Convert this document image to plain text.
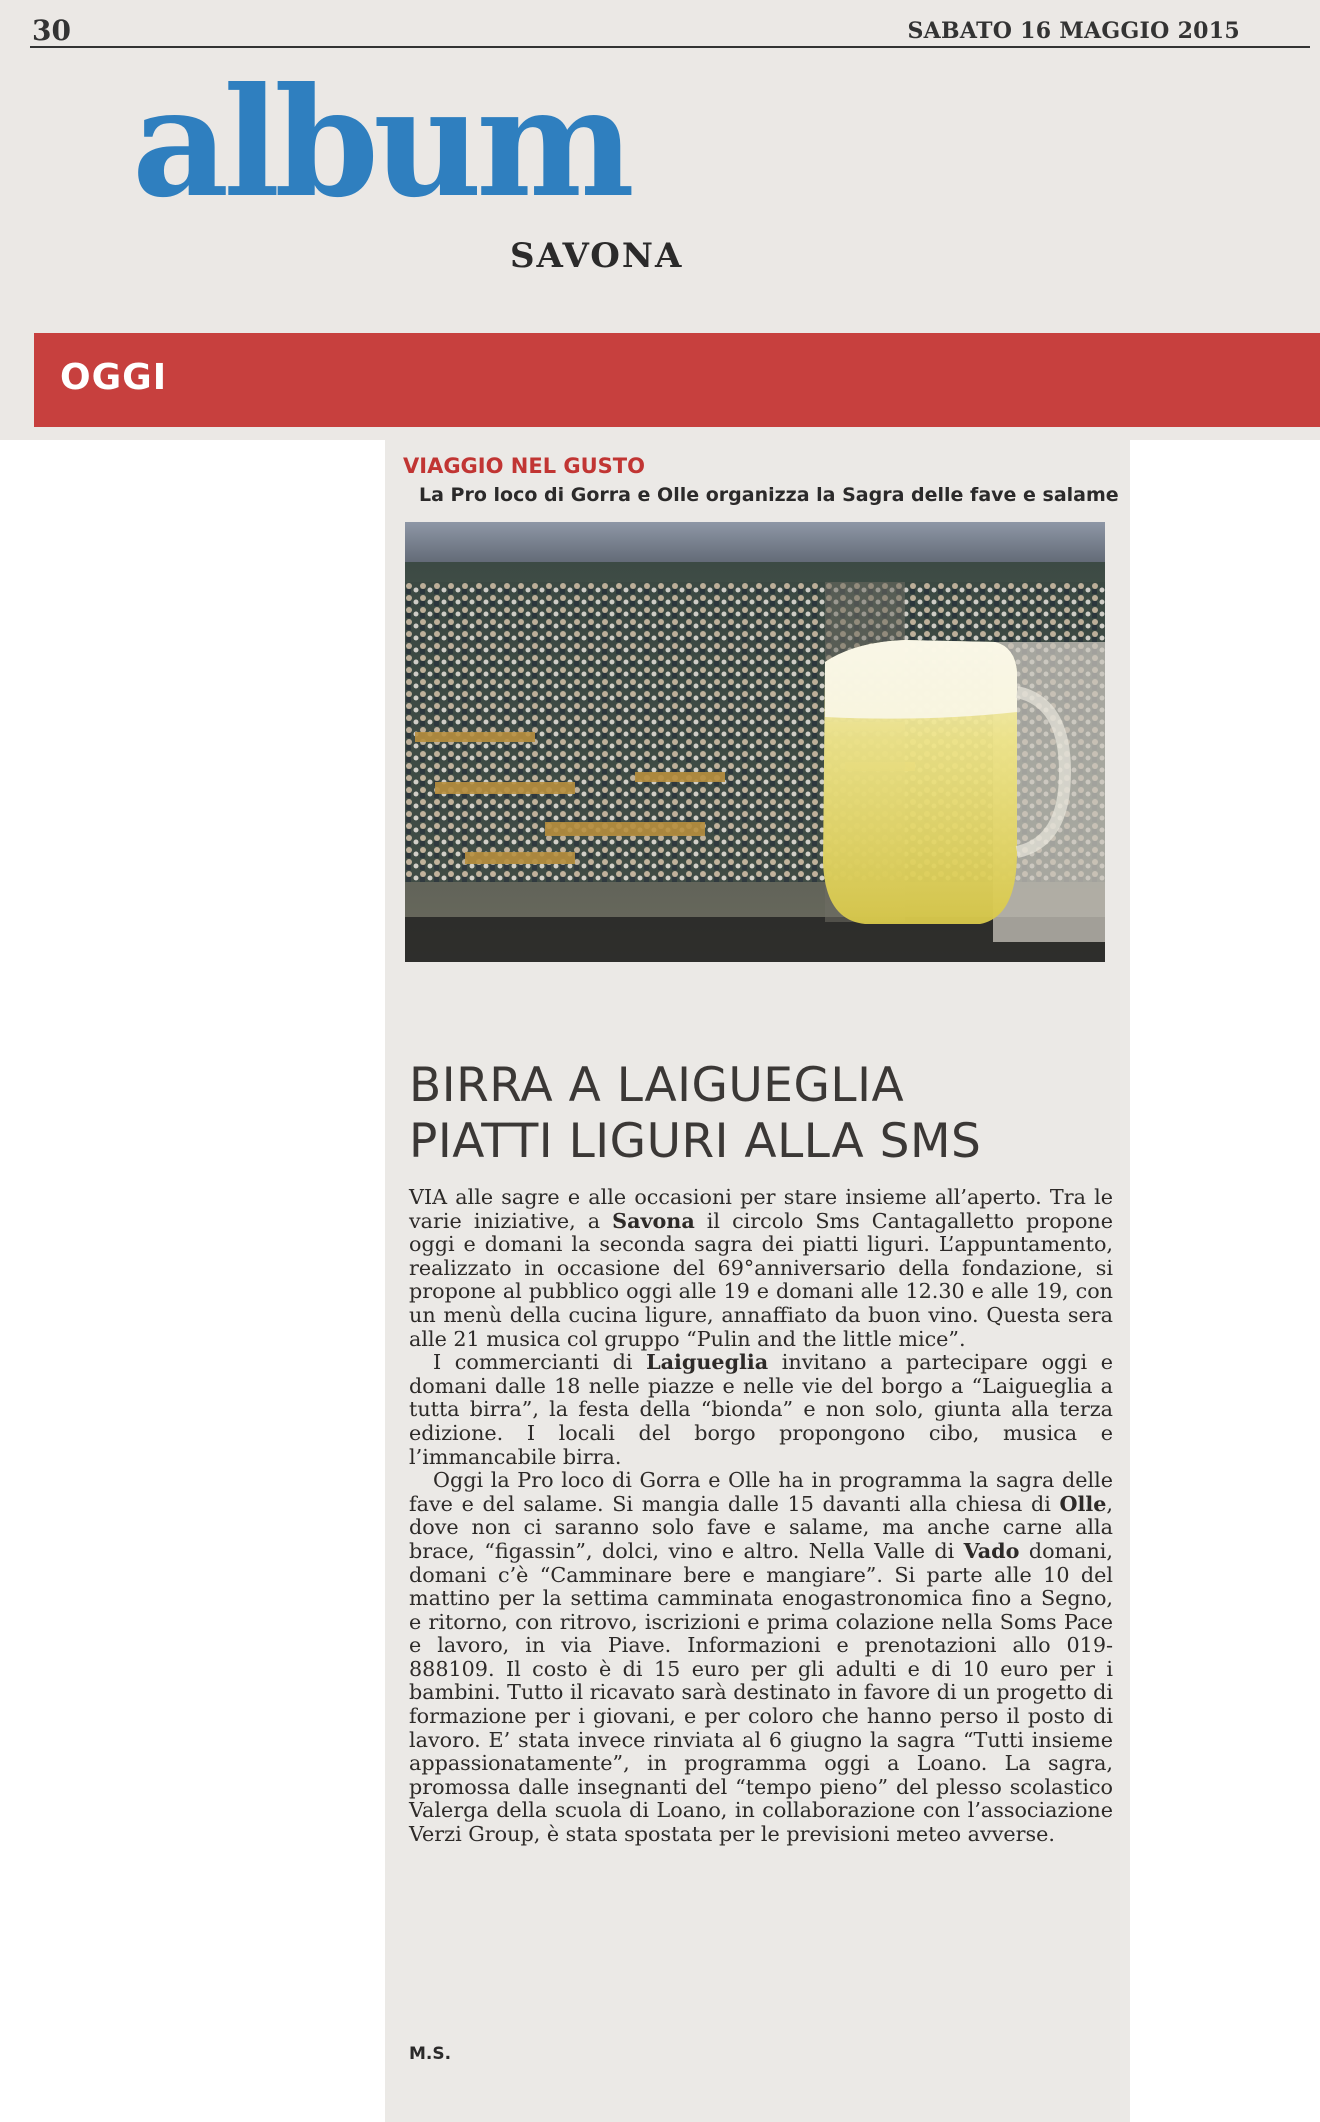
30	SABATO 16 MAGGIO 2015
album
SAVONA
OGGI
VIAGGIO NEL GUSTO
La Pro loco di Gorra e Olle organizza la Sagra delle fave e salame
BIRRA A LAIGUEGLIA
PIATTI LIGURI ALLA SMS

VIA alle sagre e alle occasioni per stare insieme all’aperto. Tra le varie iniziative, a Savona il circolo Sms Cantagalletto propone oggi e domani la seconda sagra dei piatti liguri. L’appuntamento, realizzato in occasione del 69°anniversario della fondazione, si propone al pubblico oggi alle 19 e domani alle 12.30 e alle 19, con un menù della cucina ligure, annaffiato da buon vino. Questa sera alle 21 musica col gruppo “Pulin and the little mice”.

I commercianti di Laigueglia invitano a partecipare oggi e domani dalle 18 nelle piazze e nelle vie del borgo a “Laigueglia a tutta birra”, la festa della “bionda” e non solo, giunta alla terza edizione. I locali del borgo propongono cibo, musica e l’immancabile birra.

Oggi la Pro loco di Gorra e Olle ha in programma la sagra delle fave e del salame. Si mangia dalle 15 davanti alla chiesa di Olle, dove non ci saranno solo fave e salame, ma anche carne alla brace, “figassin”, dolci, vino e altro. Nella Valle di Vado domani, domani c’è “Camminare bere e mangiare”. Si parte alle 10 del mattino per la settima camminata enogastronomica fino a Segno, e ritorno, con ritrovo, iscrizioni e prima colazione nella Soms Pace e lavoro, in via Piave. Informazioni e prenotazioni allo 019-888109. Il costo è di 15 euro per gli adulti e di 10 euro per i bambini. Tutto il ricavato sarà destinato in favore di un progetto di formazione per i giovani, e per coloro che hanno perso il posto di lavoro. E’ stata invece rinviata al 6 giugno la sagra “Tutti insieme appassionatamente”, in programma oggi a Loano. La sagra, promossa dalle insegnanti del “tempo pieno” del plesso scolastico Valerga della scuola di Loano, in collaborazione con l’associazione Verzi Group, è stata spostata per le previsioni meteo avverse.

M.S.
